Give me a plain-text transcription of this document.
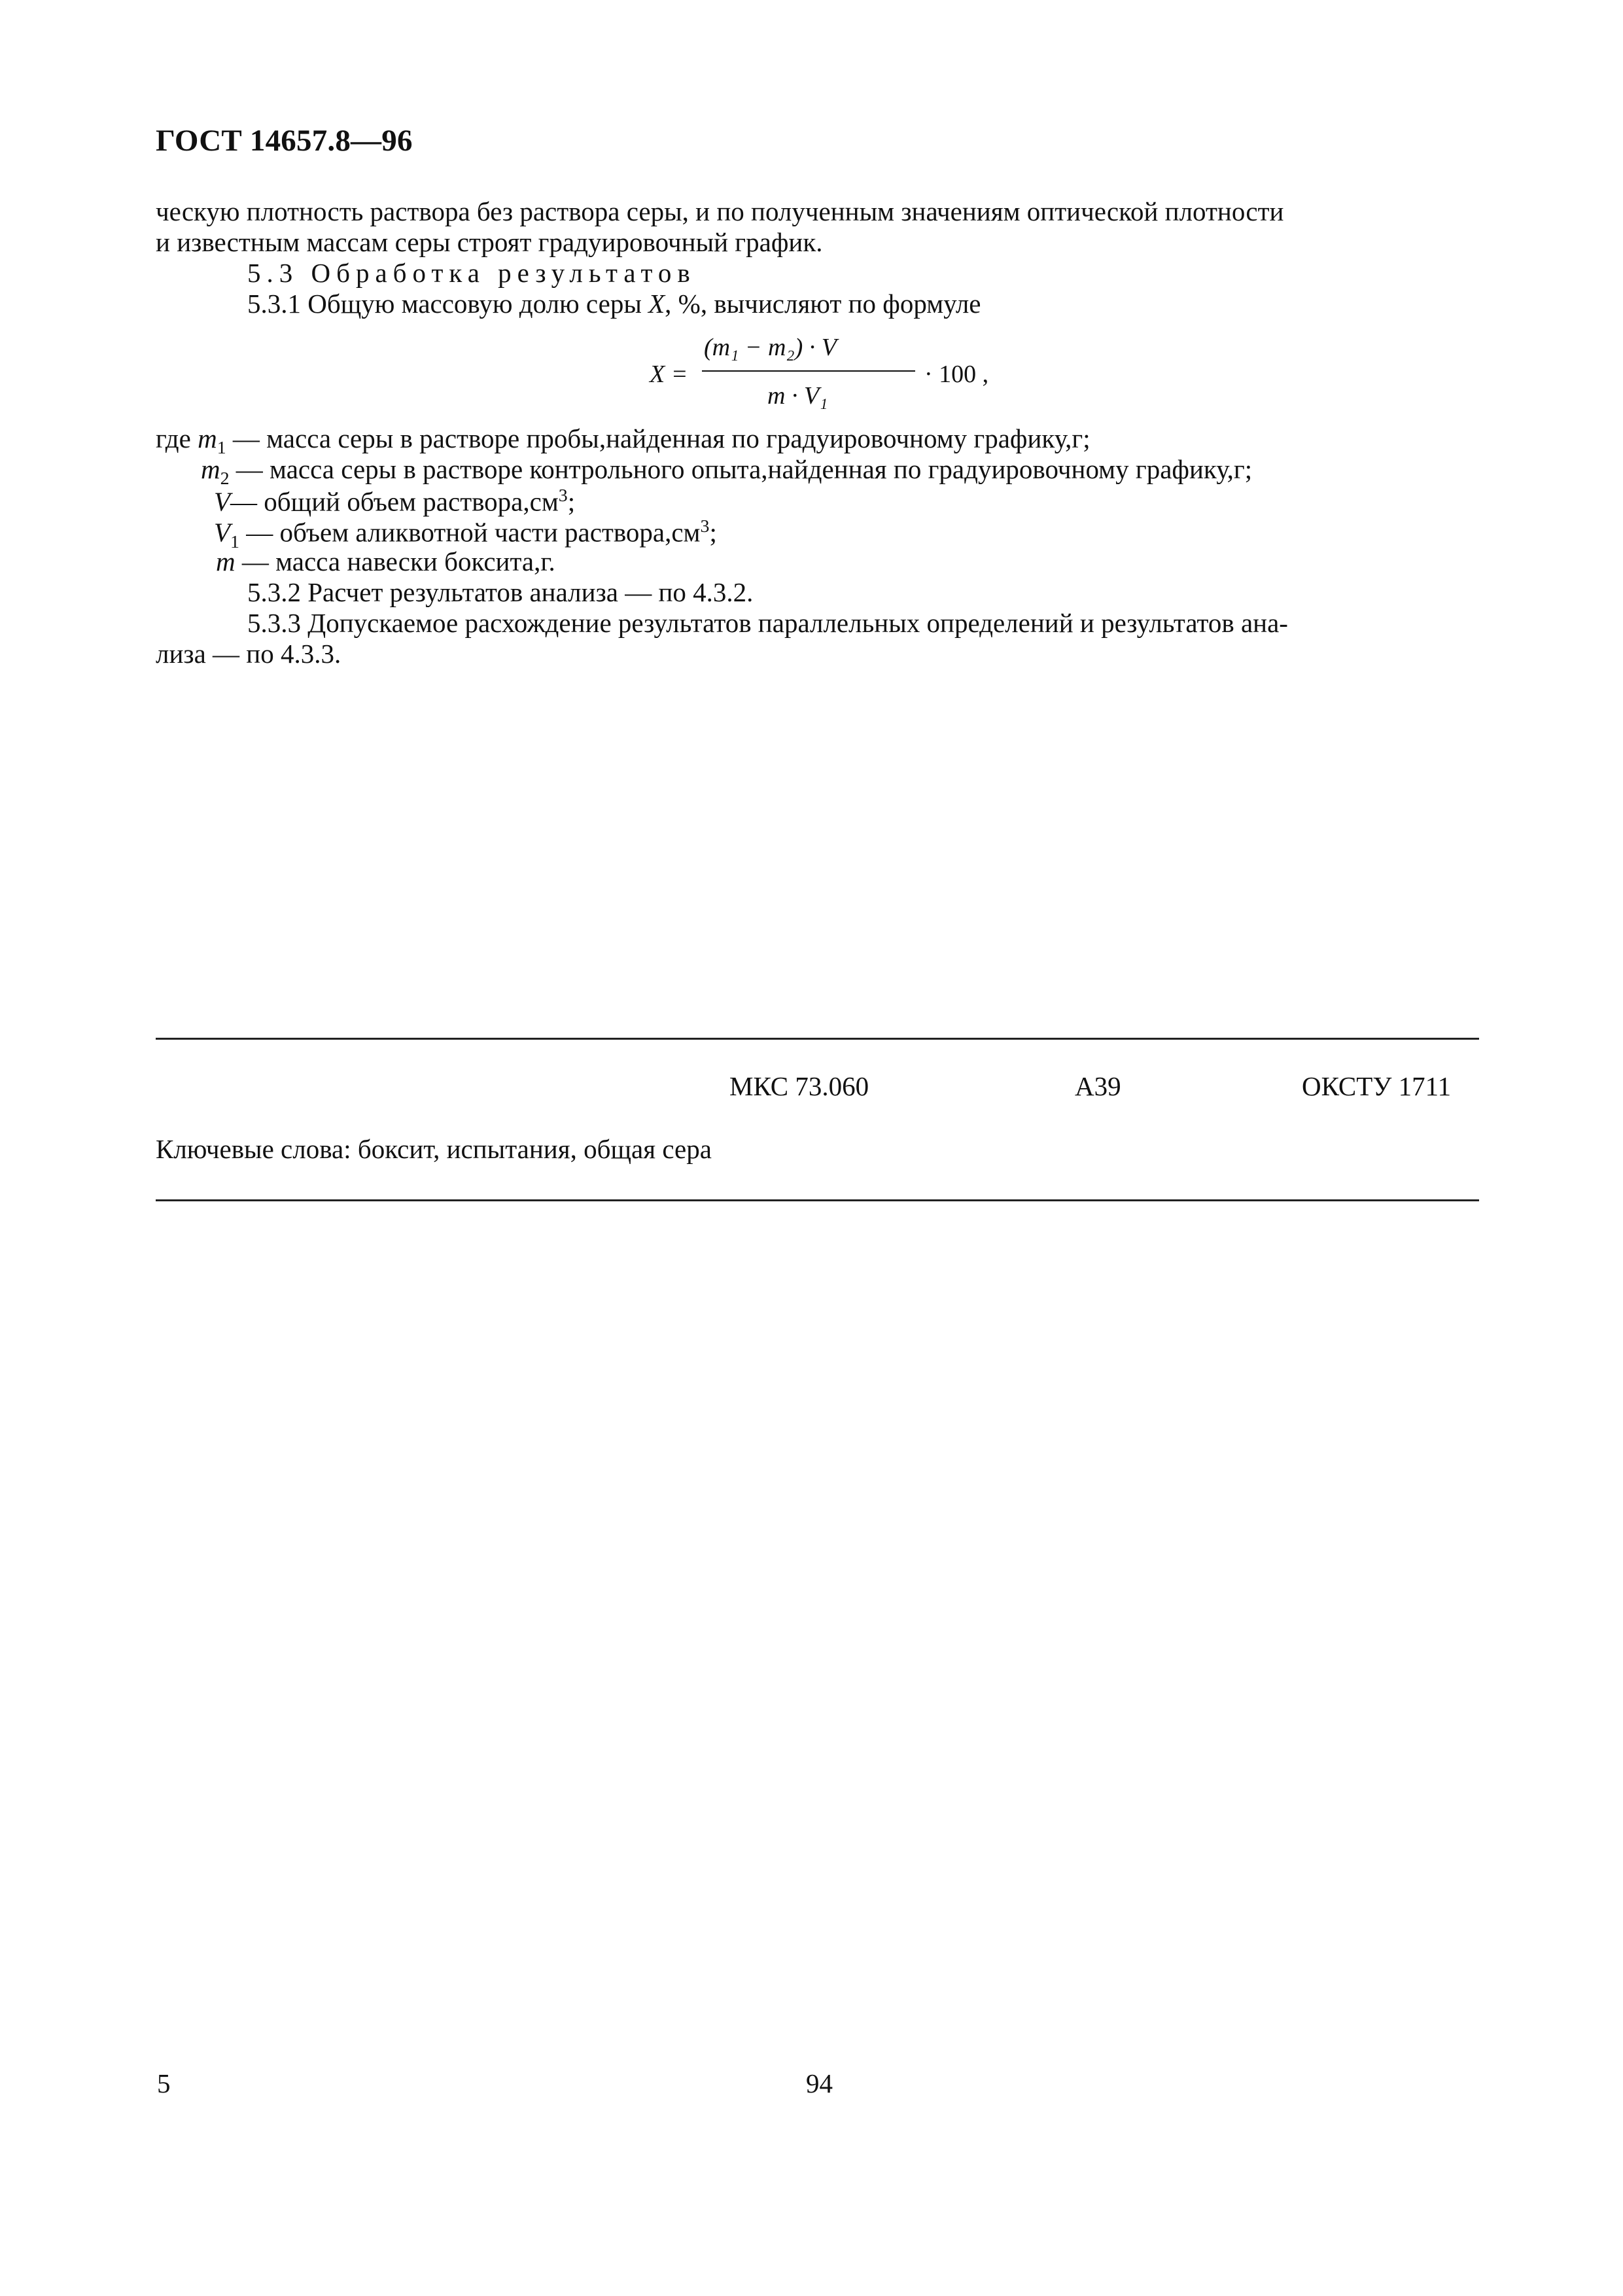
ГОСТ 14657.8—96
ческую плотность раствора без раствора серы, и по полученным значениям оптической плотности
и известным массам серы строят градуировочный график.
5.3 Обработка результатов
5.3.1 Общую массовую долю серы X, %, вычисляют по формуле
X =
(m₁ − m₂) · V
m · V₁
· 100 ,
где $m_1$ — масса серы в растворе пробы,найденная по градуировочному графику,г;
$m_2$ — масса серы в растворе контрольного опыта,найденная по градуировочному графику,г;
V— общий объем $раствора,см^3$;
$V_1$ — объем аликвотной части $раствора,см^3$;
m — масса навески боксита,г.
5.3.2 Расчет результатов анализа — по 4.3.2.
5.3.3 Допускаемое расхождение результатов параллельных определений и результатов ана-
лиза — по 4.3.3.
МКС 73.060	А39	ОКСТУ 1711
Ключевые слова: боксит, испытания, общая сера
5	94
